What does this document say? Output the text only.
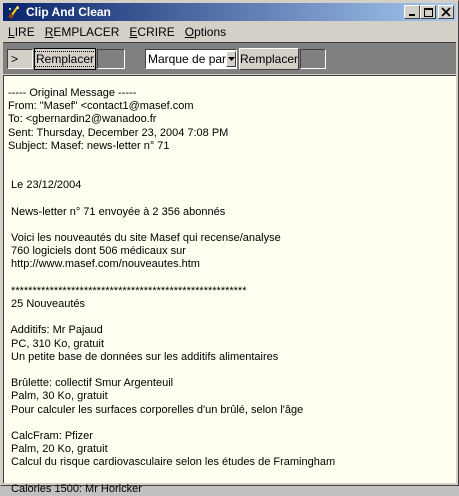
Clip And Clean
LIRE REMPLACER ECRIRE Options
> Remplacer	Marque de par Remplacer
----- Original Message -----
From: "Masef" <contact1@masef.com
To: <gbernardin2@wanadoo.fr
Sent: Thursday, December 23, 2004 7:08 PM
Subject: Masef: news-letter n° 71
Le 23/12/2004
News-letter n° 71 envoyée à 2 356 abonnés
Voici les nouveautés du site Masef qui recense/analyse
760 logiciels dont 506 médicaux sur
http://www.masef.com/nouveautes.htm
*******************************************************
25 Nouveautés
Additifs: Mr Pajaud
PC, 310 Ko, gratuit
Un petite base de données sur les additifs alimentaires
Brûlette: collectif Smur Argenteuil
Palm, 30 Ko, gratuit
Pour calculer les surfaces corporelles d'un brûlé, selon l'âge
CalcFram: Pfizer
Palm, 20 Ko, gratuit
Calcul du risque cardiovasculaire selon les études de Framingham
Calories 1500: Mr Horicker
